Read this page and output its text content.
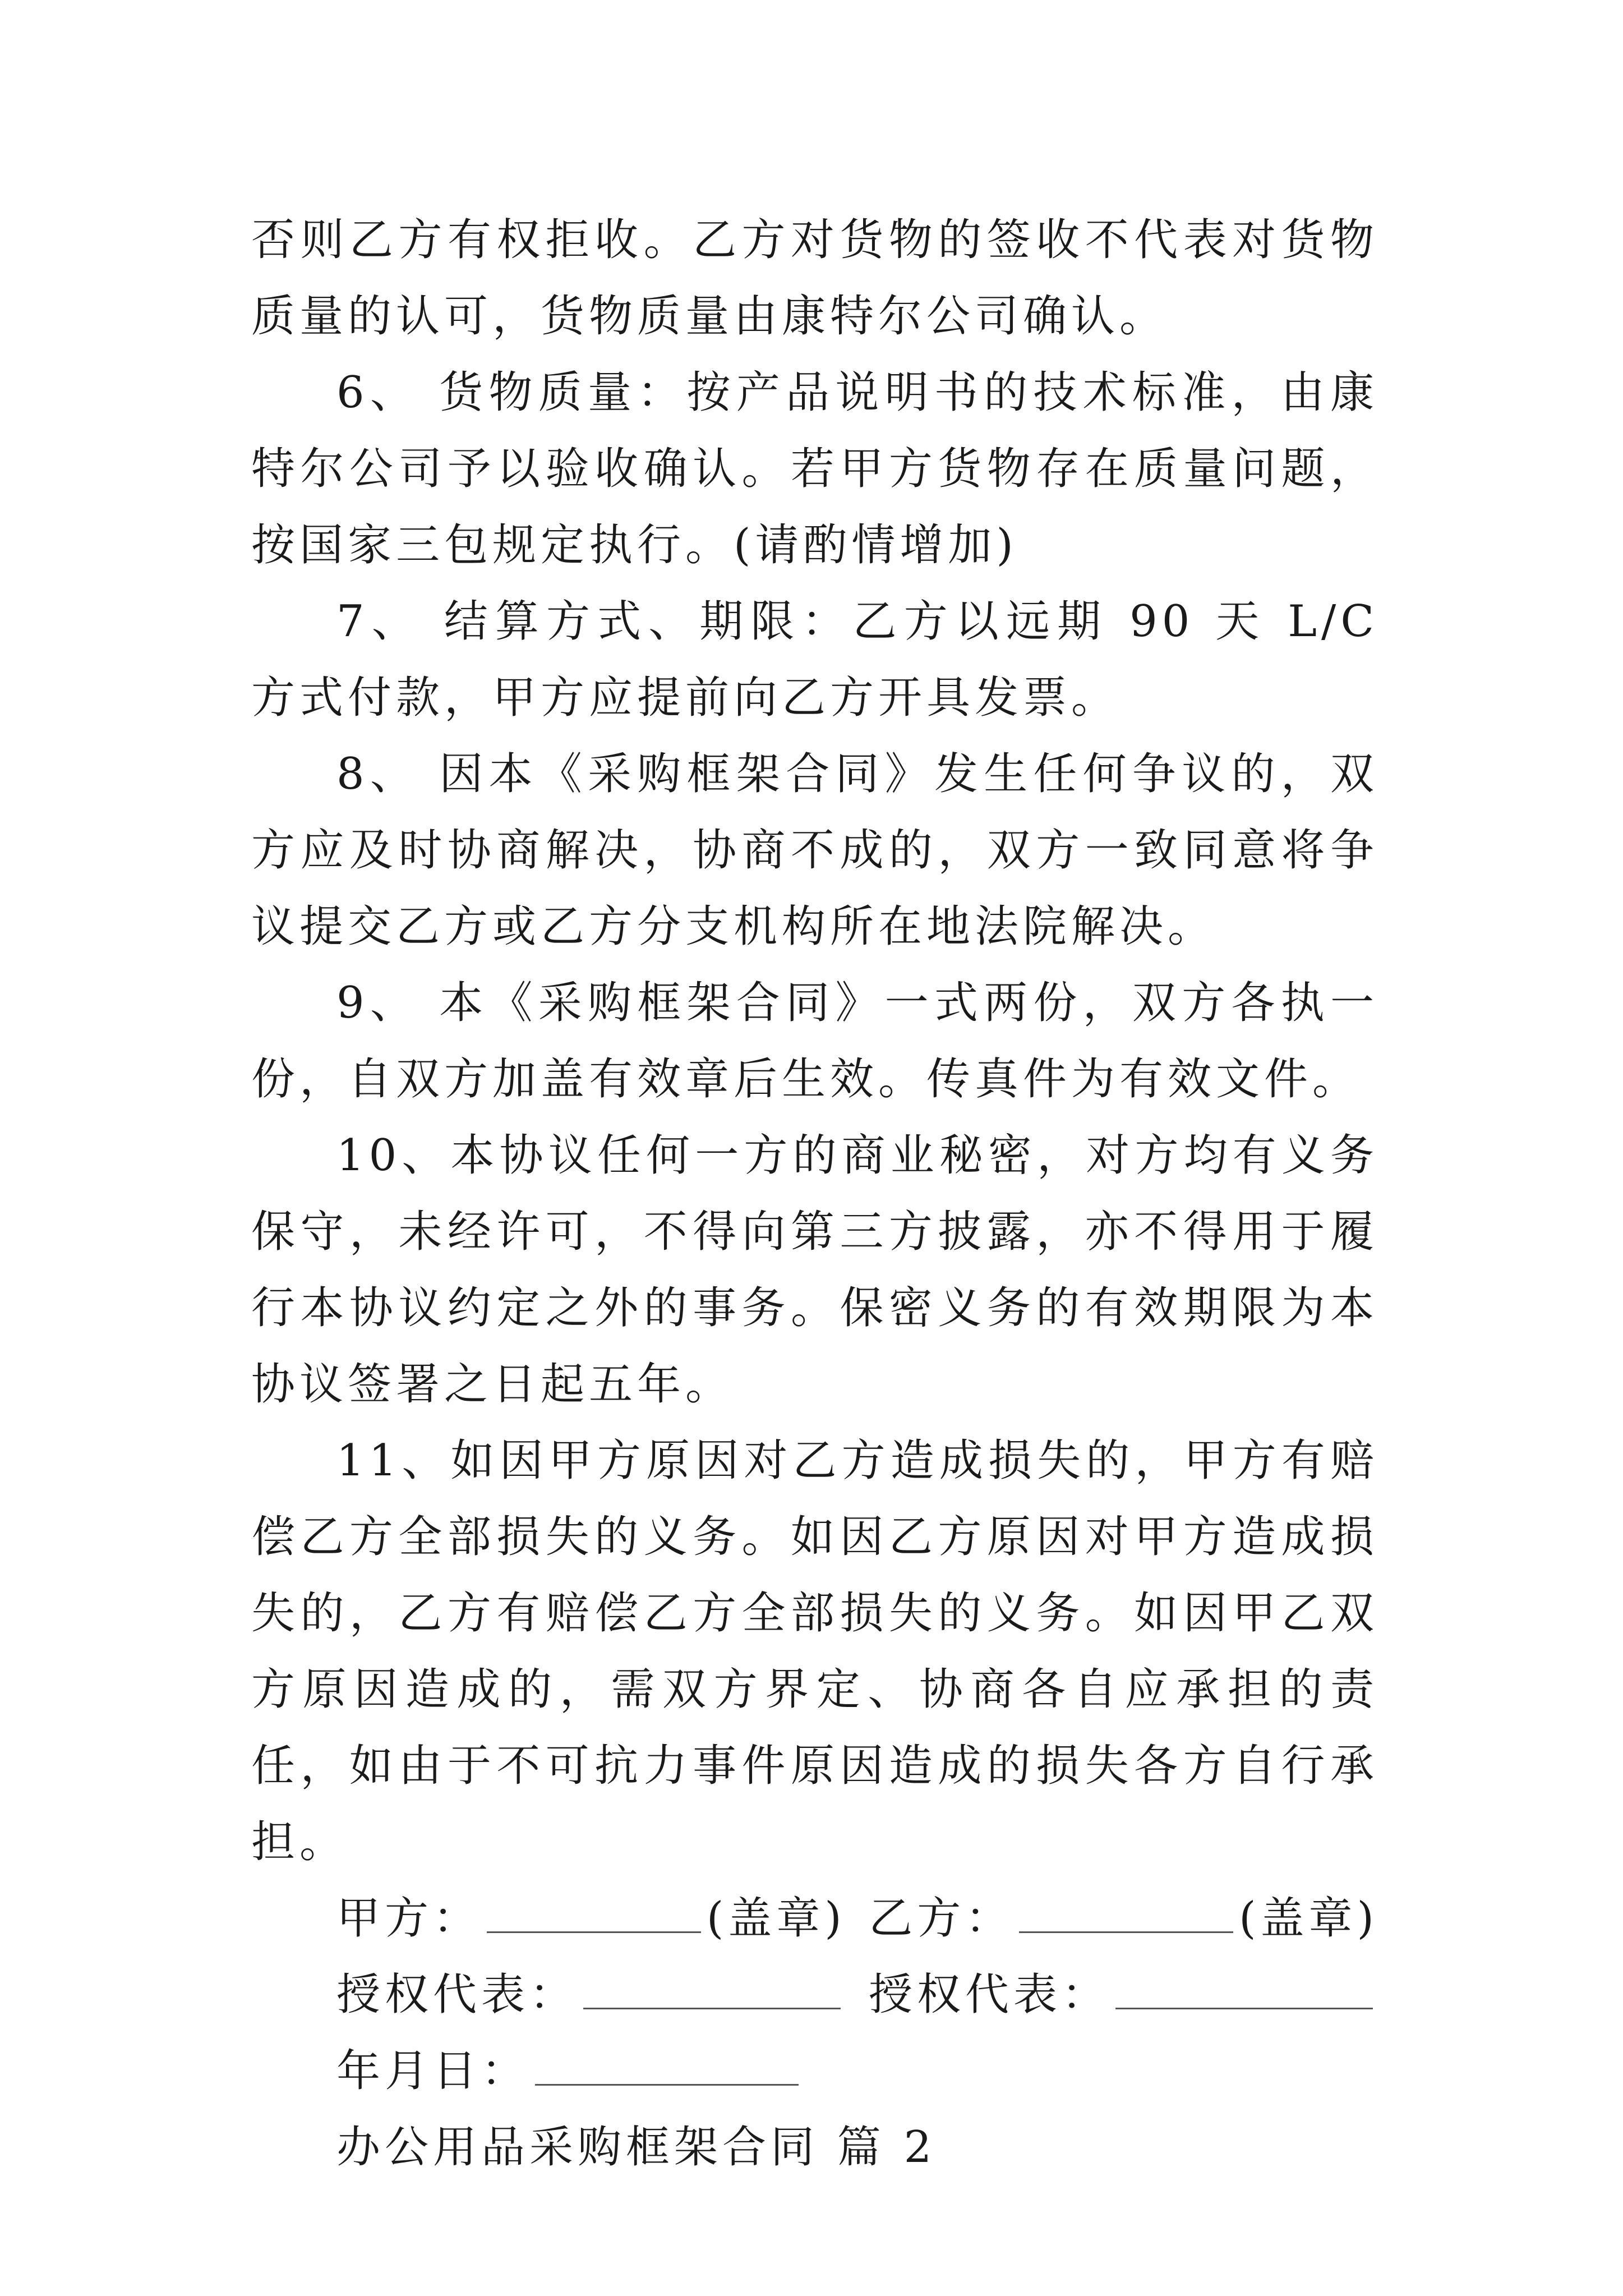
否则乙方有权拒收。乙方对货物的签收不代表对货物质量的认可，货物质量由康特尔公司确认。

6、 货物质量：按产品说明书的技术标准，由康特尔公司予以验收确认。若甲方货物存在质量问题，按国家三包规定执行。(请酌情增加)

7、 结算方式、期限：乙方以远期 90 天 L/C 方式付款，甲方应提前向乙方开具发票。

8、 因本《采购框架合同》发生任何争议的，双方应及时协商解决，协商不成的，双方一致同意将争议提交乙方或乙方分支机构所在地法院解决。

9、 本《采购框架合同》一式两份，双方各执一份，自双方加盖有效章后生效。传真件为有效文件。

10、本协议任何一方的商业秘密，对方均有义务保守，未经许可，不得向第三方披露，亦不得用于履行本协议约定之外的事务。保密义务的有效期限为本协议签署之日起五年。

11、如因甲方原因对乙方造成损失的，甲方有赔偿乙方全部损失的义务。如因乙方原因对甲方造成损失的，乙方有赔偿乙方全部损失的义务。如因甲乙双方原因造成的，需双方界定、协商各自应承担的责任，如由于不可抗力事件原因造成的损失各方自行承担。

甲方：	(盖章) 乙方：	(盖章)
授权代表：	授权代表：
年月日：

办公用品采购框架合同 篇 2
